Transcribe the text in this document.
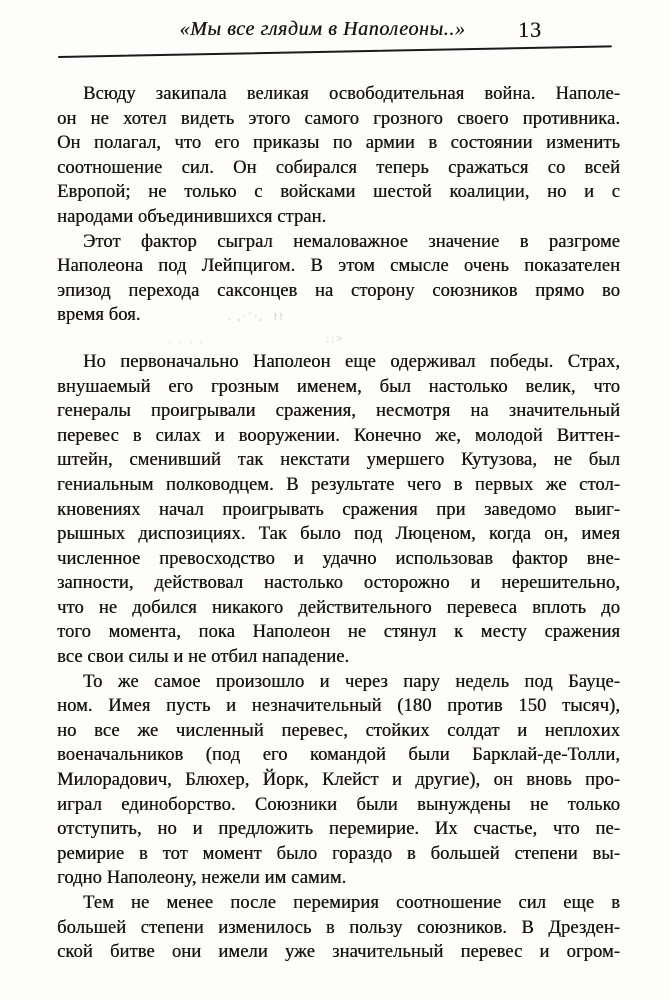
«Мы все глядим в Наполеоны..»	13
Всюду закипала великая освободительная война. Наполе-
он не хотел видеть этого самого грозного своего противника.
Он полагал, что его приказы по армии в состоянии изменить
соотношение сил. Он собирался теперь сражаться со всей
Европой; не только с войсками шестой коалиции, но и с
народами объединившихся стран.
Этот фактор сыграл немаловажное значение в разгроме
Наполеона под Лейпцигом. В этом смысле очень показателен
эпизод перехода саксонцев на сторону союзников прямо во
время боя.
Но первоначально Наполеон еще одерживал победы. Страх,
внушаемый его грозным именем, был настолько велик, что
генералы проигрывали сражения, несмотря на значительный
перевес в силах и вооружении. Конечно же, молодой Виттен-
штейн, сменивший так некстати умершего Кутузова, не был
гениальным полководцем. В результате чего в первых же стол-
кновениях начал проигрывать сражения при заведомо выиг-
рышных диспозициях. Так было под Люценом, когда он, имея
численное превосходство и удачно использовав фактор вне-
запности, действовал настолько осторожно и нерешительно,
что не добился никакого действительного перевеса вплоть до
того момента, пока Наполеон не стянул к месту сражения
все свои силы и не отбил нападение.
То же самое произошло и через пару недель под Бауце-
ном. Имея пусть и незначительный (180 против 150 тысяч),
но все же численный перевес, стойких солдат и неплохих
военачальников (под его командой были Барклай-де-Толли,
Милорадович, Блюхер, Йорк, Клейст и другие), он вновь про-
играл единоборство. Союзники были вынуждены не только
отступить, но и предложить перемирие. Их счастье, что пе-
ремирие в тот момент было гораздо в большей степени вы-
годно Наполеону, нежели им самим.
Тем не менее после перемирия соотношение сил еще в
большей степени изменилось в пользу союзников. В Дрезден-
ской битве они имели уже значительный перевес и огром-
. ,·´·,  !!
· · · ·	::>
